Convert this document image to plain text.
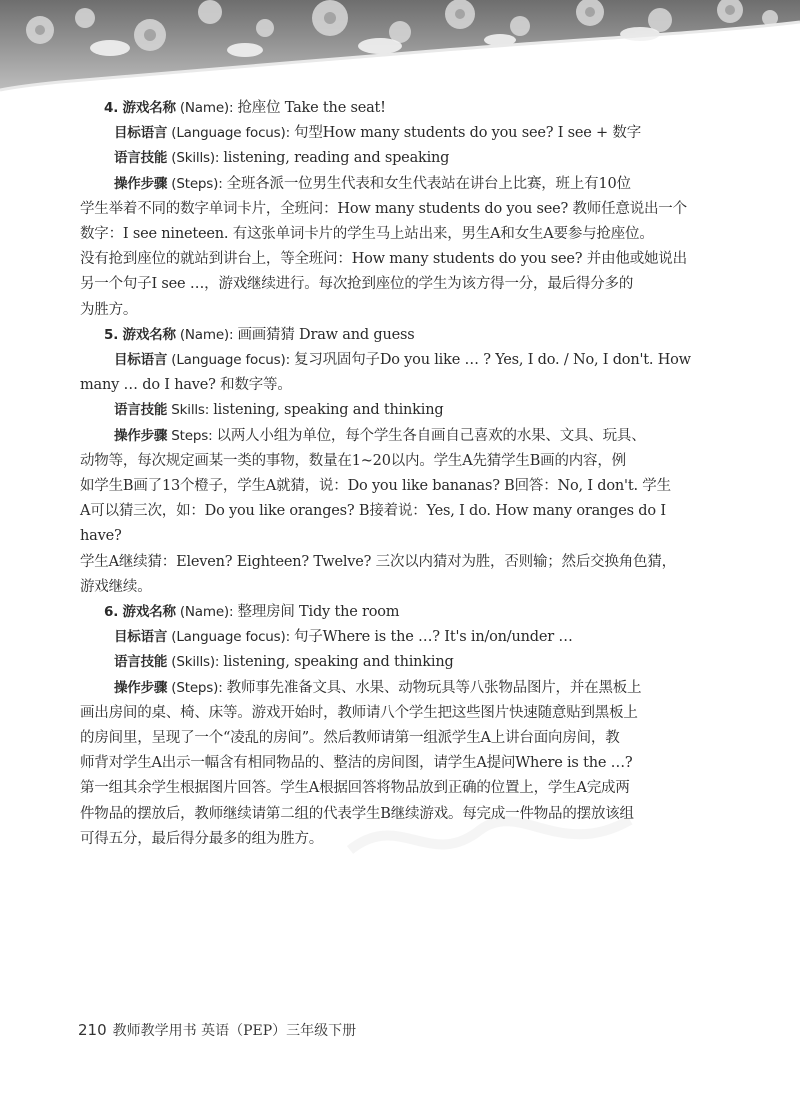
4. 游戏名称 (Name): 抢座位 Take the seat!

目标语言 (Language focus): 句型How many students do you see? I see + 数字

语言技能 (Skills): listening, reading and speaking

操作步骤 (Steps): 全班各派一位男生代表和女生代表站在讲台上比赛，班上有10位

学生举着不同的数字单词卡片，全班问：How many students do you see? 教师任意说出一个

数字：I see nineteen. 有这张单词卡片的学生马上站出来，男生A和女生A要参与抢座位。

没有抢到座位的就站到讲台上，等全班问：How many students do you see? 并由他或她说出

另一个句子I see …，游戏继续进行。每次抢到座位的学生为该方得一分，最后得分多的

为胜方。

5. 游戏名称 (Name): 画画猜猜 Draw and guess

目标语言 (Language focus): 复习巩固句子Do you like … ? Yes, I do. / No, I don't. How

many … do I have? 和数字等。

语言技能 Skills: listening, speaking and thinking

操作步骤 Steps: 以两人小组为单位，每个学生各自画自己喜欢的水果、文具、玩具、

动物等，每次规定画某一类的事物，数量在1~20以内。学生A先猜学生B画的内容，例

如学生B画了13个橙子，学生A就猜，说：Do you like bananas? B回答：No, I don't. 学生

A可以猜三次，如：Do you like oranges? B接着说：Yes, I do. How many oranges do I have?

学生A继续猜：Eleven? Eighteen? Twelve? 三次以内猜对为胜，否则输；然后交换角色猜，

游戏继续。

6. 游戏名称 (Name): 整理房间 Tidy the room

目标语言 (Language focus): 句子Where is the …? It's in/on/under …

语言技能 (Skills): listening, speaking and thinking

操作步骤 (Steps): 教师事先准备文具、水果、动物玩具等八张物品图片，并在黑板上

画出房间的桌、椅、床等。游戏开始时，教师请八个学生把这些图片快速随意贴到黑板上

的房间里，呈现了一个“凌乱的房间”。然后教师请第一组派学生A上讲台面向房间，教

师背对学生A出示一幅含有相同物品的、整洁的房间图，请学生A提问Where is the …?

第一组其余学生根据图片回答。学生A根据回答将物品放到正确的位置上，学生A完成两

件物品的摆放后，教师继续请第二组的代表学生B继续游戏。每完成一件物品的摆放该组

可得五分，最后得分最多的组为胜方。

210 教师教学用书 英语（PEP）三年级下册
